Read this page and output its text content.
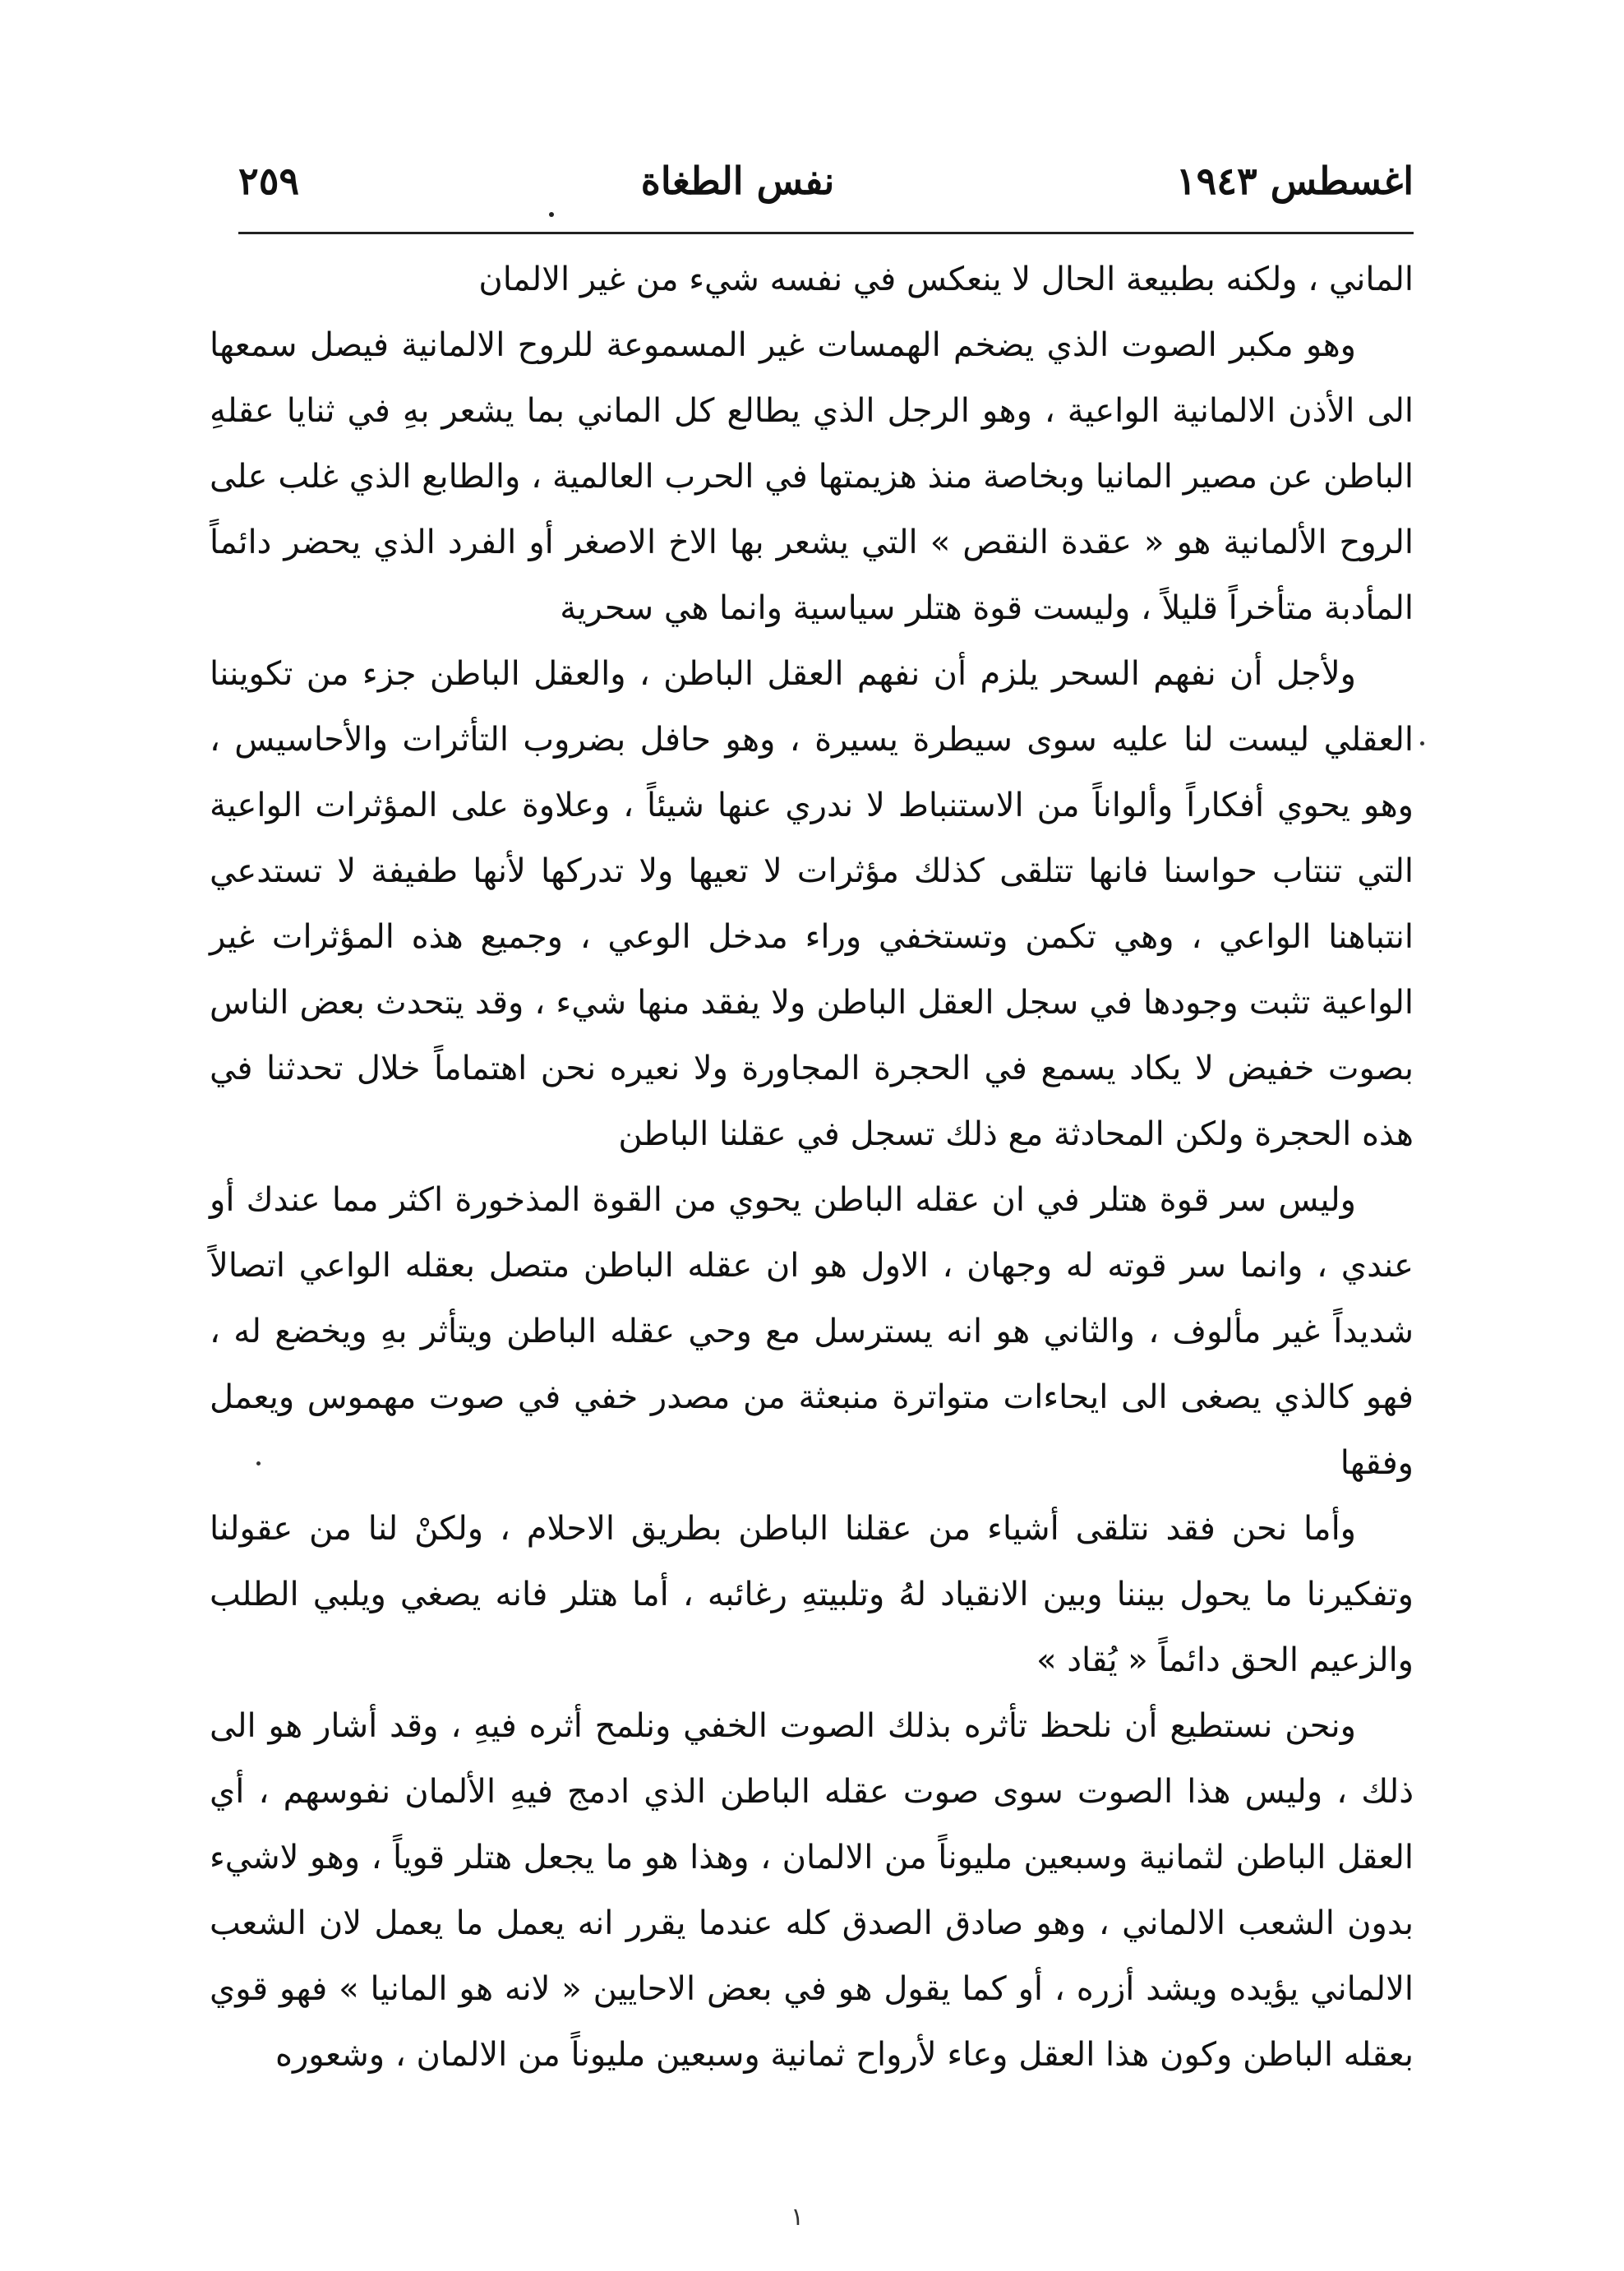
٢٥٩	نفس الطغاة	اغسطس ١٩٤٣

الماني ، ولكنه بطبيعة الحال لا ينعكس في نفسه شيء من غير الالمان

وهو مكبر الصوت الذي يضخم الهمسات غير المسموعة للروح الالمانية فيصل سمعها الى الأذن الالمانية الواعية ، وهو الرجل الذي يطالع كل الماني بما يشعر بهِ في ثنايا عقلهِ الباطن عن مصير المانيا وبخاصة منذ هزيمتها في الحرب العالمية ، والطابع الذي غلب على الروح الألمانية هو « عقدة النقص » التي يشعر بها الاخ الاصغر أو الفرد الذي يحضر دائماً المأدبة متأخراً قليلاً ، وليست قوة هتلر سياسية وانما هي سحرية

ولأجل أن نفهم السحر يلزم أن نفهم العقل الباطن ، والعقل الباطن جزء من تكويننا العقلي ليست لنا عليه سوى سيطرة يسيرة ، وهو حافل بضروب التأثرات والأحاسيس ، وهو يحوي أفكاراً وألواناً من الاستنباط لا ندري عنها شيئاً ، وعلاوة على المؤثرات الواعية التي تنتاب حواسنا فانها تتلقى كذلك مؤثرات لا تعيها ولا تدركها لأنها طفيفة لا تستدعي انتباهنا الواعي ، وهي تكمن وتستخفي وراء مدخل الوعي ، وجميع هذه المؤثرات غير الواعية تثبت وجودها في سجل العقل الباطن ولا يفقد منها شيء ، وقد يتحدث بعض الناس بصوت خفيض لا يكاد يسمع في الحجرة المجاورة ولا نعيره نحن اهتماماً خلال تحدثنا في هذه الحجرة ولكن المحادثة مع ذلك تسجل في عقلنا الباطن

وليس سر قوة هتلر في ان عقله الباطن يحوي من القوة المذخورة اكثر مما عندك أو عندي ، وانما سر قوته له وجهان ، الاول هو ان عقله الباطن متصل بعقله الواعي اتصالاً شديداً غير مألوف ، والثاني هو انه يسترسل مع وحي عقله الباطن ويتأثر بهِ ويخضع له ، فهو كالذي يصغى الى ايحاءات متواترة منبعثة من مصدر خفي في صوت مهموس ويعمل وفقها

وأما نحن فقد نتلقى أشياء من عقلنا الباطن بطريق الاحلام ، ولكنْ لنا من عقولنا وتفكيرنا ما يحول بيننا وبين الانقياد لهُ وتلبيتهِ رغائبه ، أما هتلر فانه يصغي ويلبي الطلب والزعيم الحق دائماً « يُقاد »

ونحن نستطيع أن نلحظ تأثره بذلك الصوت الخفي ونلمح أثره فيهِ ، وقد أشار هو الى ذلك ، وليس هذا الصوت سوى صوت عقله الباطن الذي ادمج فيهِ الألمان نفوسهم ، أي العقل الباطن لثمانية وسبعين مليوناً من الالمان ، وهذا هو ما يجعل هتلر قوياً ، وهو لاشيء بدون الشعب الالماني ، وهو صادق الصدق كله عندما يقرر انه يعمل ما يعمل لان الشعب الالماني يؤيده ويشد أزره ، أو كما يقول هو في بعض الاحايين « لانه هو المانيا » فهو قوي بعقله الباطن وكون هذا العقل وعاء لأرواح ثمانية وسبعين مليوناً من الالمان ، وشعوره

١
